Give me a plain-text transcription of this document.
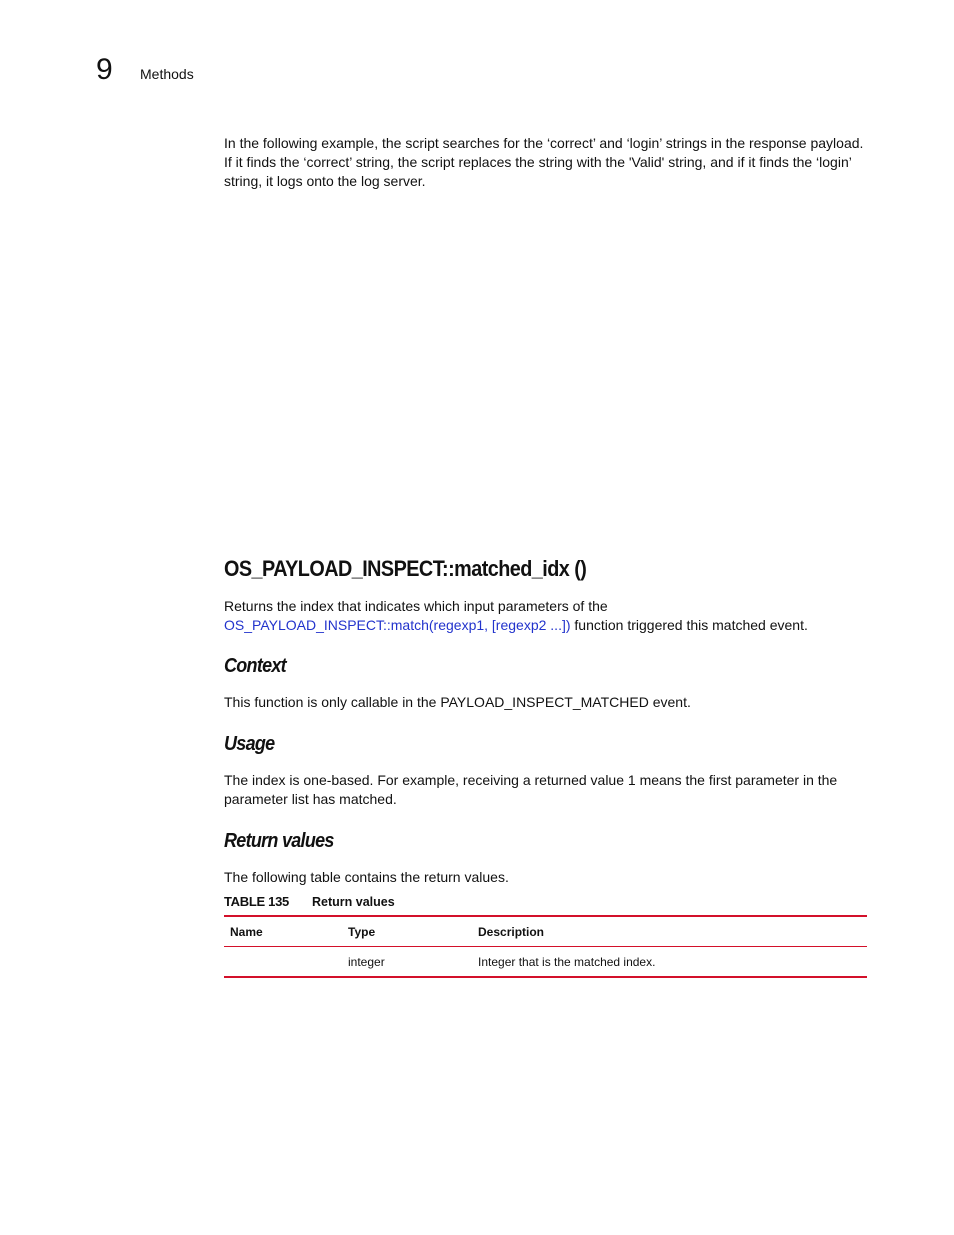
9 Methods

In the following example, the script searches for the ‘correct’ and ‘login’ strings in the response payload. If it finds the ‘correct’ string, the script replaces the string with the 'Valid' string, and if it finds the ‘login’ string, it logs onto the log server.

OS_PAYLOAD_INSPECT::matched_idx ()

Returns the index that indicates which input parameters of the

OS_PAYLOAD_INSPECT::match(regexp1, [regexp2 ...]) function triggered this matched event.

Context

This function is only callable in the PAYLOAD_INSPECT_MATCHED event.

Usage

The index is one-based. For example, receiving a returned value 1 means the first parameter in the parameter list has matched.

Return values

The following table contains the return values.

TABLE 135 Return values
Name	Type	Description
	integer	Integer that is the matched index.
